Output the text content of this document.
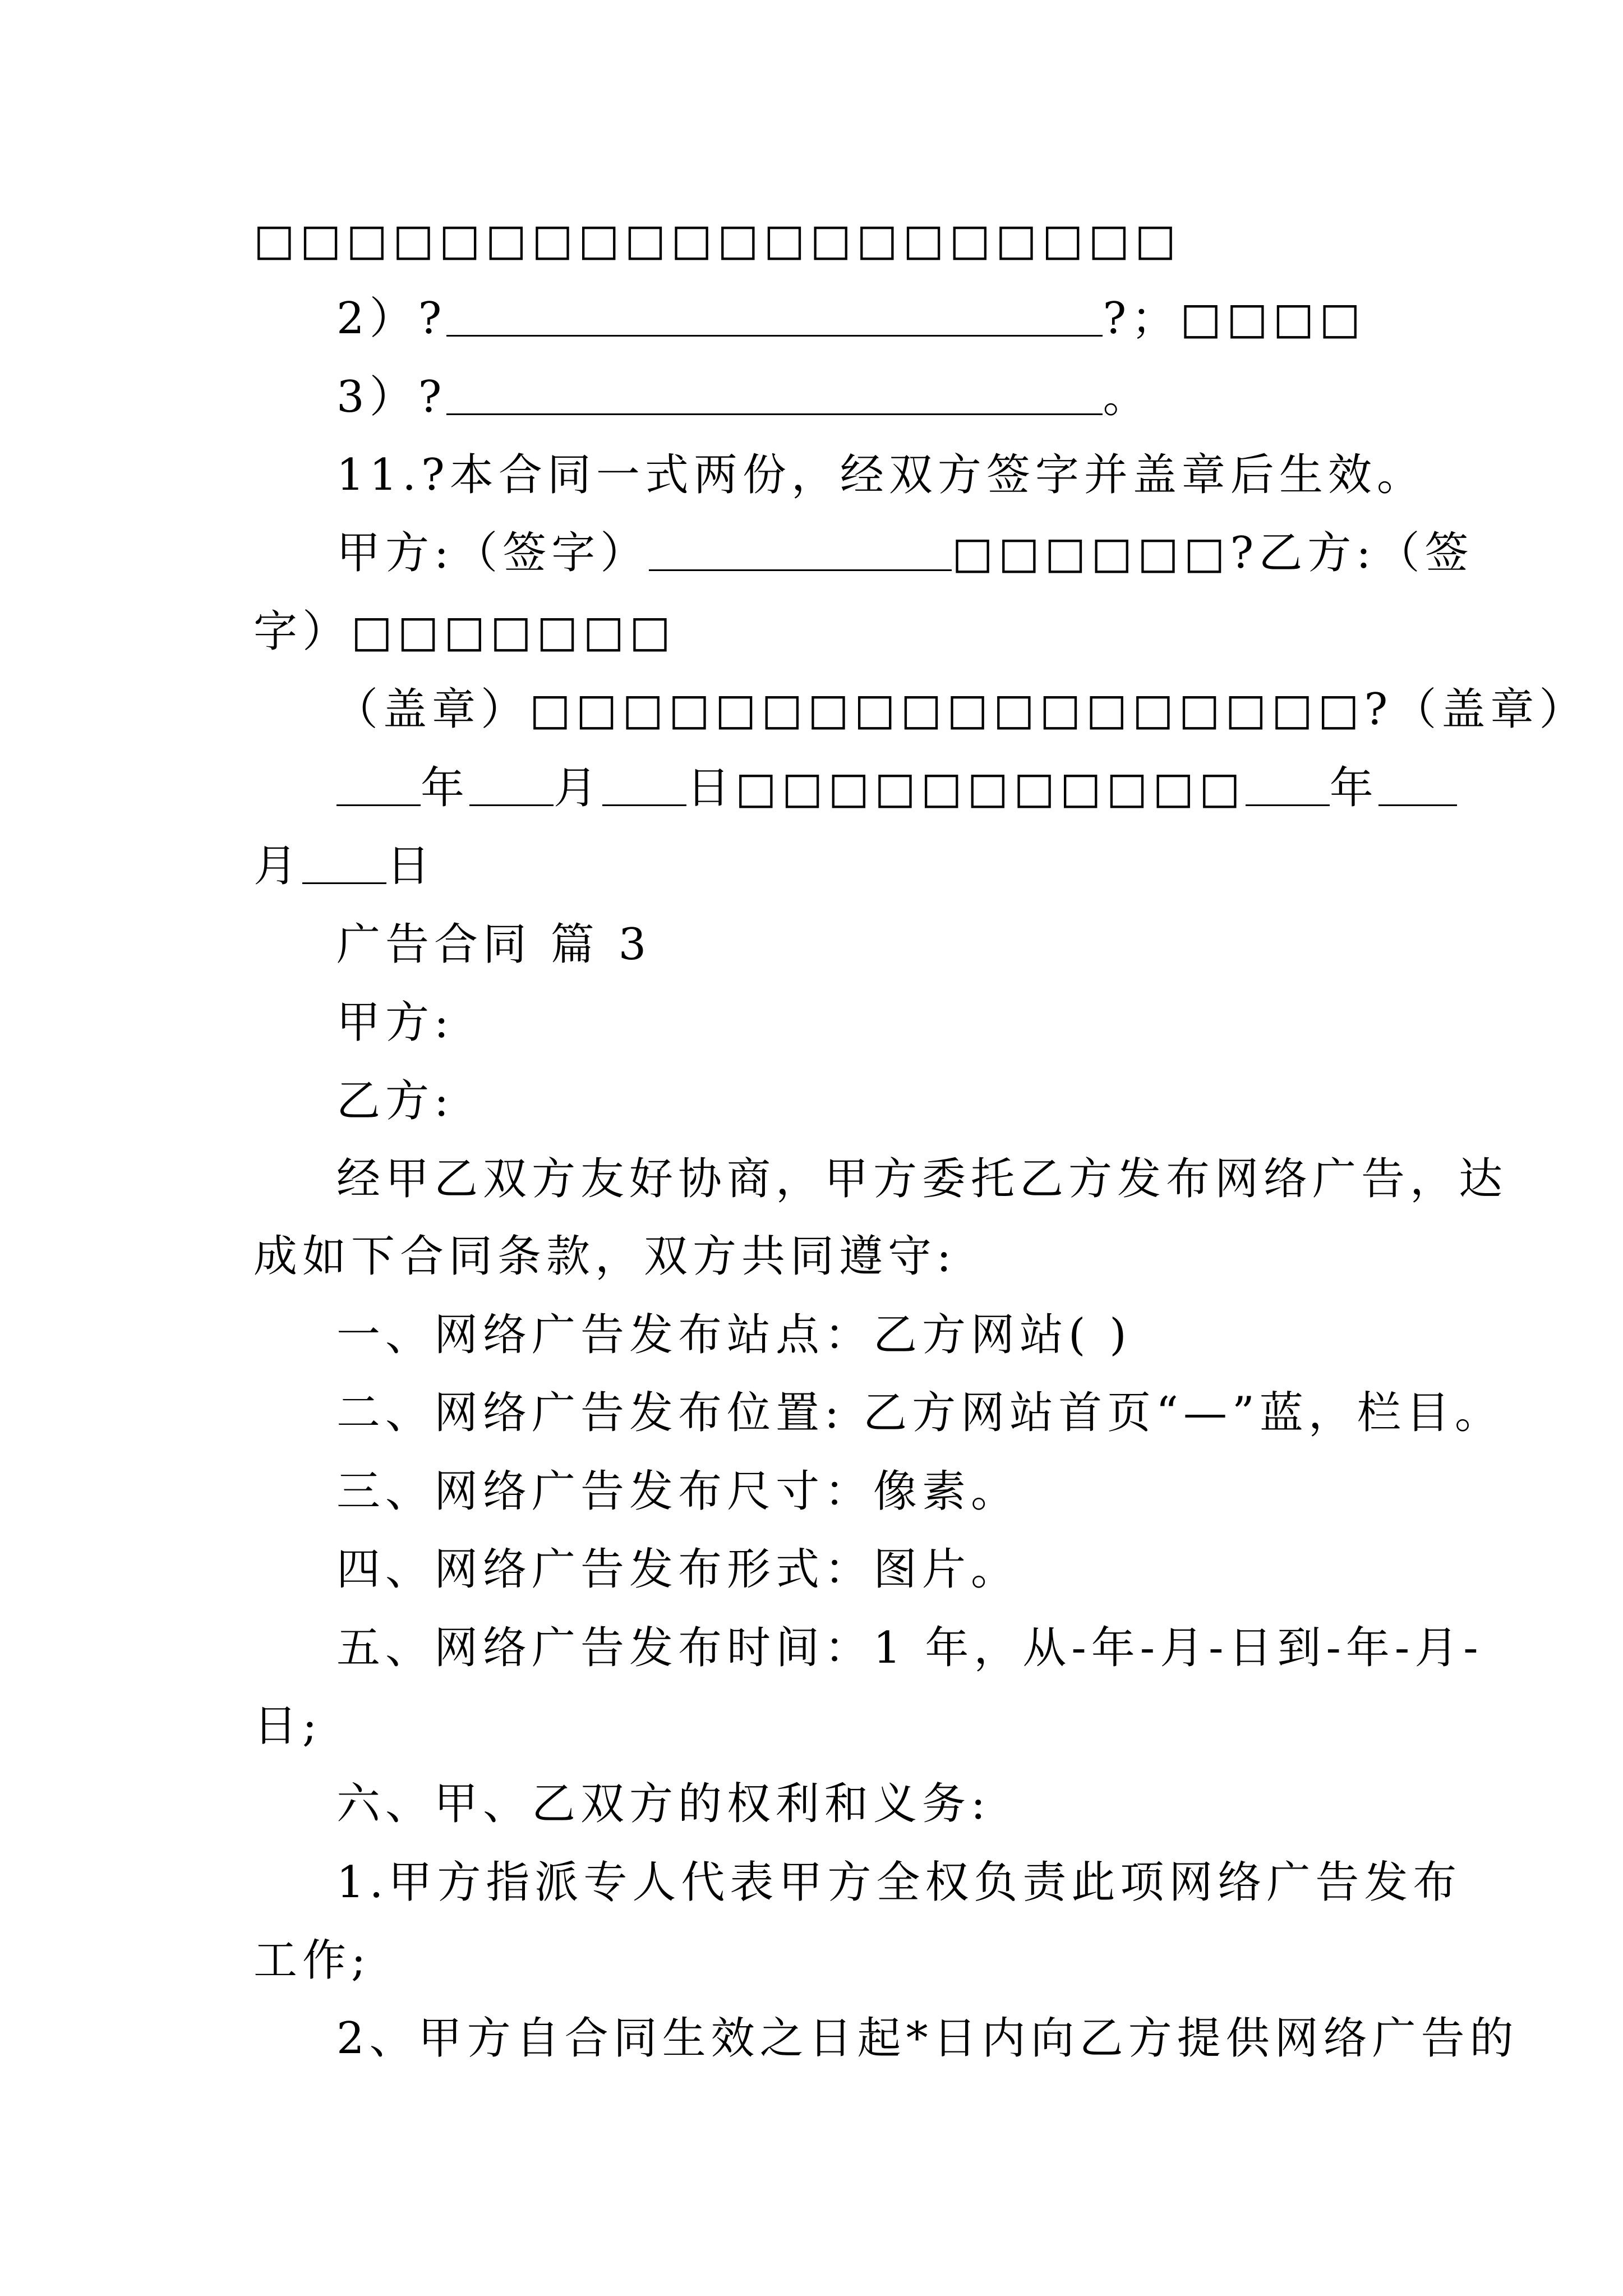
□□□□□□□□□□□□□□□□□□□□
2）?	?；□□□□
3）?	。
11.?本合同一式两份，经双方签字并盖章后生效。
甲方:（签字）	□□□□□□?乙方:（签
字）□□□□□□□
（盖章）□□□□□□□□□□□□□□□□□□?（盖章）
年 月 日□□□□□□□□□□□ 年
月 日
广告合同 篇 3
甲方:
乙方:
经甲乙双方友好协商，甲方委托乙方发布网络广告，达
成如下合同条款，双方共同遵守:
一、网络广告发布站点：乙方网站( )
二、网络广告发布位置: 乙方网站首页“—”蓝，栏目。
三、网络广告发布尺寸：像素。
四、网络广告发布形式：图片。
五、网络广告发布时间：1 年，从-年-月-日到-年-月-
日;
六、甲、乙双方的权利和义务:
1.甲方指派专人代表甲方全权负责此项网络广告发布
工作;
2、甲方自合同生效之日起*日内向乙方提供网络广告的
